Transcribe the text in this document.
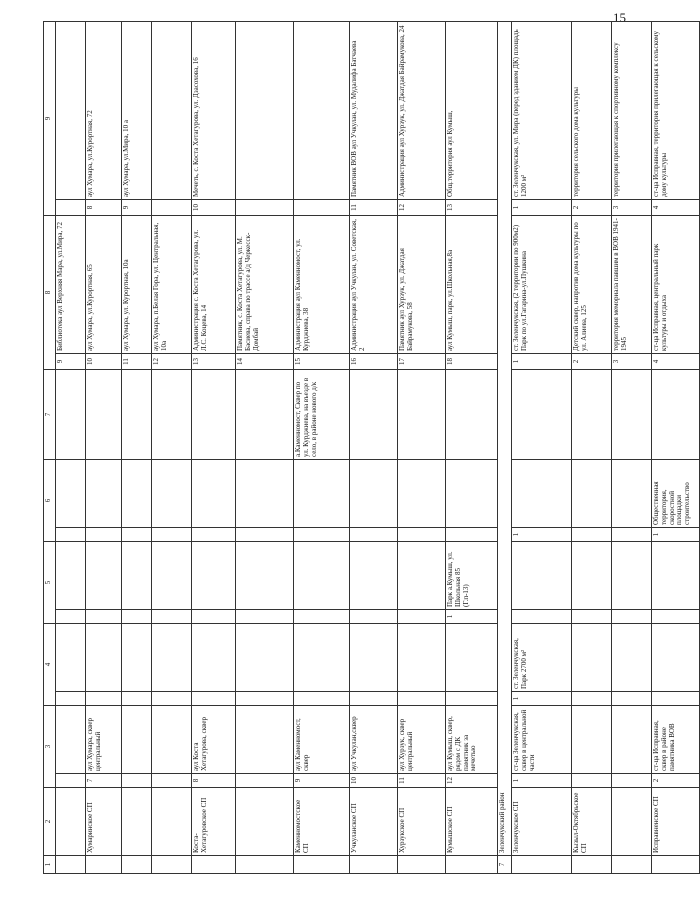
15
1	2	3		4		5		6		7	8		9	
											9	Библиотека аул Верхняя Мара, ул.Мира, 72		
	Хумаринское СП	7	аул Хумара, сквер центральный								10	аул Хумара, ул.Курортная, 65	8	аул Хумара, ул.Курортная, 72
											11	аул Хумара, ул. Курортная, 10а	9	аул Хумара, ул.Мира, 10 а
											12	аул Хумара, п.Белая Гора, ул. Центральная, 10а		
	Коста-Хетагуровское СП	8	аул Коста Хетагурова, сквер								13	Администрация с. Коста Хетагурова, ул. Л.С. Коцева, 14	10	Мечеть, с. Коста Хетагурова, ул. Дзасохова, 16
											14	Памятник, с. Коста Хетагурова, ул. М. Басиева, справа по трассе а/д Черкесск-Домбай		
	Каменномостское СП	9	аул Каменномост, сквер							а.Каменномост, Сквер по ул. Курджиева, на въезде в село, в районе нового д/к	15	Администрация аул Каменномост, ул. Курджиева, 38		
	Учкуланское СП	10	аул Учкулан,сквер								16	Администрация аул Учкулан, ул. Советская, 2	11	Памятник ВОВ аул Учкулан, ул. Мудалифа Батчаева
	Хурзукское СП	11	аул Хурзук, сквер центральный								17	Памятник аул Хурзук, ул. Джатдая Байрамукова, 58	12	Администрация аул Хурзук, ул. Джатдая Байрамукова, 24
	Кумышское СП	12	аул Кумыш, сквер, рядом с ДК памятник за мечетью			1	Парк а.Кумыш, ул. Школьная 85 (Г.п-13)				18	аул Кумыш, парк, ул.Школьная,8а	13	Общ.территория аул Кумыш,
7	Зеленчукский район													
	Зеленчукское СП	1	ст-ца Зеленчукская, сквер в центральной части	1	ст. Зеленчукская, Парк 2700 м²			1			1	ст. Зеленчукская, (2 территории по 900м2) Парк по ул.Гагарина-ул.Пушкина	1	ст. Зеленчукская, ул. Мира (перед зданием ДК) площадь 1200 м²
	Кызыл-Октябрьское СП										2	Детский сквер, напротив дома культуры по ул. Алиева, 125	2	территория сельского дома культуры
											3	территория мемориала павшим в ВОВ 1941-1945	3	территория прилегающая к спортивному комплексу
	Исправненское СП	2	ст-ца Исправная, сквер в районе памятника ВОВ					1	Общественная территория, скоростной площадки строительство		4	ст-ца Исправная, центральный парк культуры и отдыха	4	ст-ца Исправная, территория прилегающая к сельскому дому культуры
